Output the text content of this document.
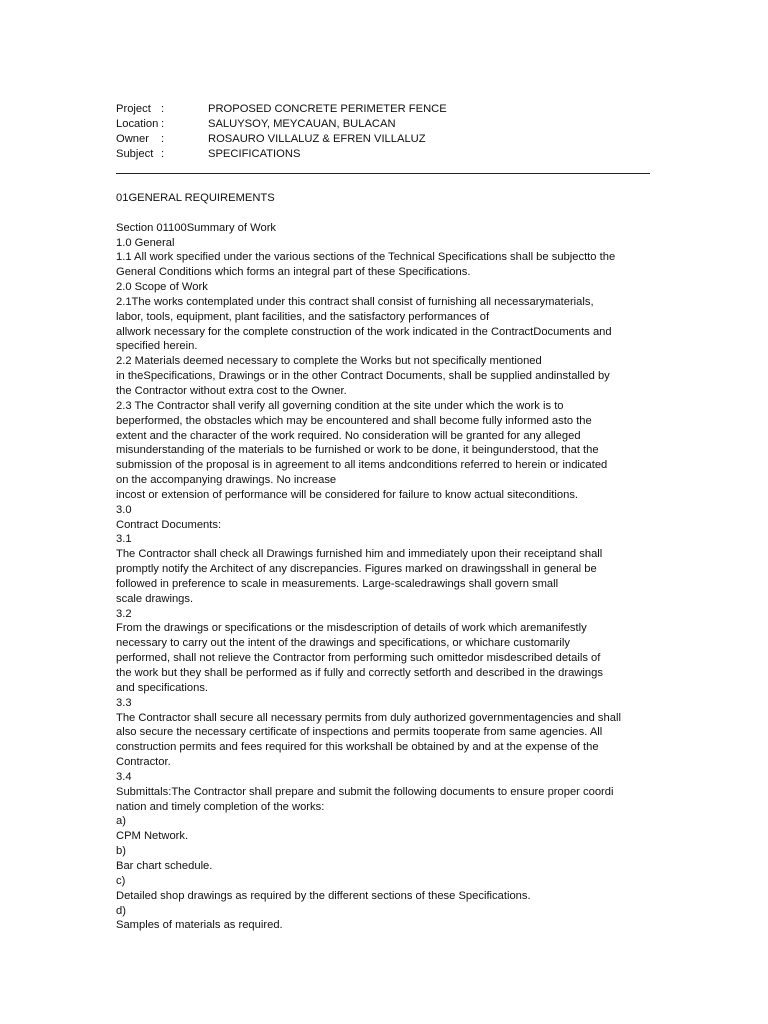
Project :	PROPOSED CONCRETE PERIMETER FENCE
Location :	SALUYSOY, MEYCAUAN, BULACAN
Owner	:	ROSAURO VILLALUZ & EFREN VILLALUZ
Subject :	SPECIFICATIONS
01GENERAL REQUIREMENTS
Section 01100Summary of Work
1.0 General
1.1 All work specified under the various sections of the Technical Specifications shall be subjectto the
General Conditions which forms an integral part of these Specifications.
2.0 Scope of Work
2.1The works contemplated under this contract shall consist of furnishing all necessarymaterials,
labor, tools, equipment, plant facilities, and the satisfactory performances of
allwork necessary for the complete construction of the work indicated in the ContractDocuments and
specified herein.
2.2 Materials deemed necessary to complete the Works but not specifically mentioned
in theSpecifications, Drawings or in the other Contract Documents, shall be supplied andinstalled by
the Contractor without extra cost to the Owner.
2.3 The Contractor shall verify all governing condition at the site under which the work is to
beperformed, the obstacles which may be encountered and shall become fully informed asto the
extent and the character of the work required. No consideration will be granted for any alleged
misunderstanding of the materials to be furnished or work to be done, it beingunderstood, that the
submission of the proposal is in agreement to all items andconditions referred to herein or indicated
on the accompanying drawings. No increase
incost or extension of performance will be considered for failure to know actual siteconditions.
3.0
Contract Documents:
3.1
The Contractor shall check all Drawings furnished him and immediately upon their receiptand shall
promptly notify the Architect of any discrepancies. Figures marked on drawingsshall in general be
followed in preference to scale in measurements. Large-scaledrawings shall govern small
scale drawings.
3.2
From the drawings or specifications or the misdescription of details of work which aremanifestly
necessary to carry out the intent of the drawings and specifications, or whichare customarily
performed, shall not relieve the Contractor from performing such omittedor misdescribed details of
the work but they shall be performed as if fully and correctly setforth and described in the drawings
and specifications.
3.3
The Contractor shall secure all necessary permits from duly authorized governmentagencies and shall
also secure the necessary certificate of inspections and permits tooperate from same agencies. All
construction permits and fees required for this workshall be obtained by and at the expense of the
Contractor.
3.4
Submittals:The Contractor shall prepare and submit the following documents to ensure proper coordi
nation and timely completion of the works:
a)
CPM Network.
b)
Bar chart schedule.
c)
Detailed shop drawings as required by the different sections of these Specifications.
d)
Samples of materials as required.
